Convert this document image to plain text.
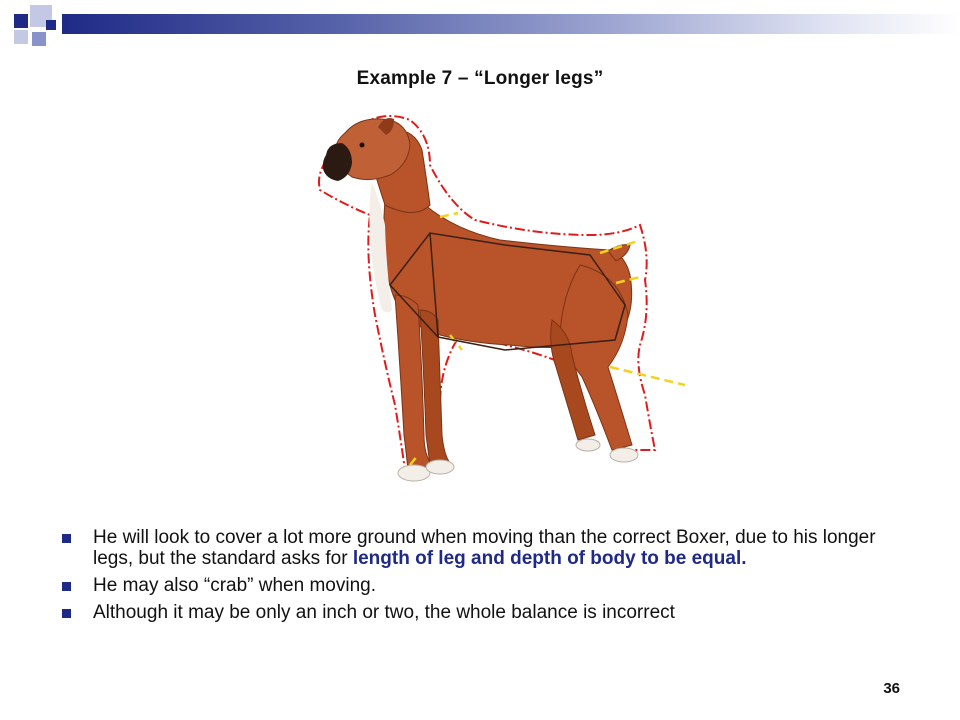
Example 7 – “Longer legs”
He will look to cover a lot more ground when moving than the correct Boxer, due to his longer legs, but the standard asks for length of leg and depth of body to be equal.
He may also “crab” when moving.
Although it may be only an inch or two, the whole balance is incorrect
36
